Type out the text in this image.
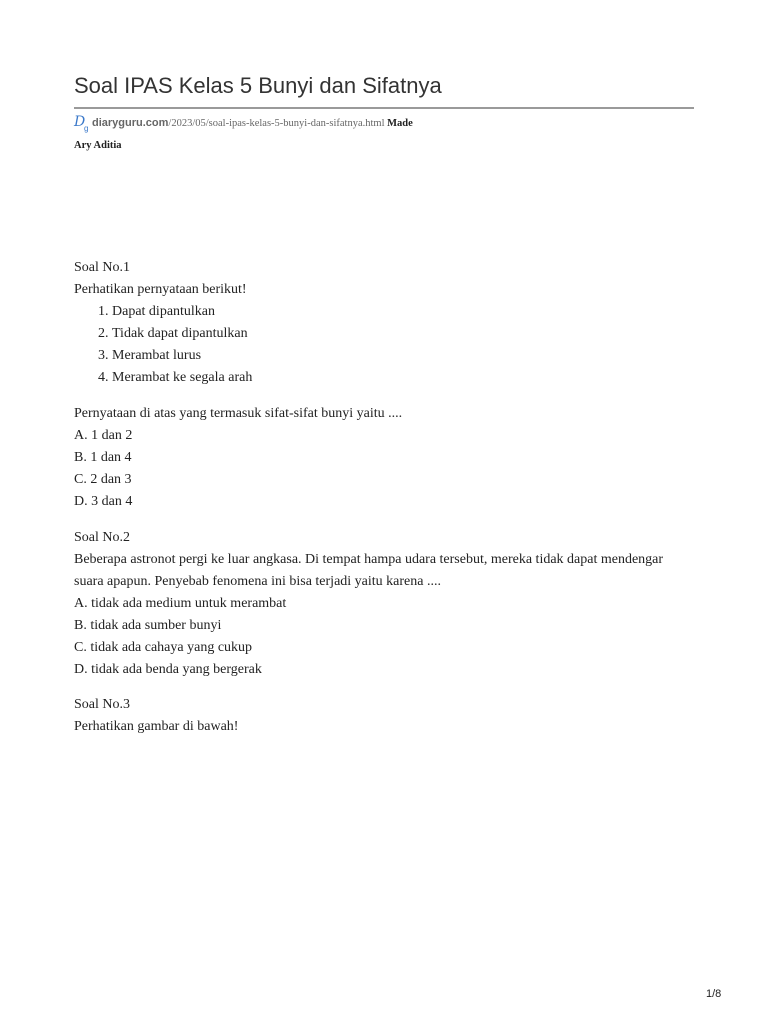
Soal IPAS Kelas 5 Bunyi dan Sifatnya
D
g diaryguru.com/2023/05/soal-ipas-kelas-5-bunyi-dan-sifatnya.html Made
Ary Aditia

Soal No.1

Perhatikan pernyataan berikut!

1. Dapat dipantulkan
2. Tidak dapat dipantulkan
3. Merambat lurus
4. Merambat ke segala arah

Pernyataan di atas yang termasuk sifat-sifat bunyi yaitu ....

A. 1 dan 2

B. 1 dan 4

C. 2 dan 3

D. 3 dan 4

Soal No.2

Beberapa astronot pergi ke luar angkasa. Di tempat hampa udara tersebut, mereka tidak dapat mendengar suara apapun. Penyebab fenomena ini bisa terjadi yaitu karena ....

A. tidak ada medium untuk merambat

B. tidak ada sumber bunyi

C. tidak ada cahaya yang cukup

D. tidak ada benda yang bergerak

Soal No.3

Perhatikan gambar di bawah!

1/8
